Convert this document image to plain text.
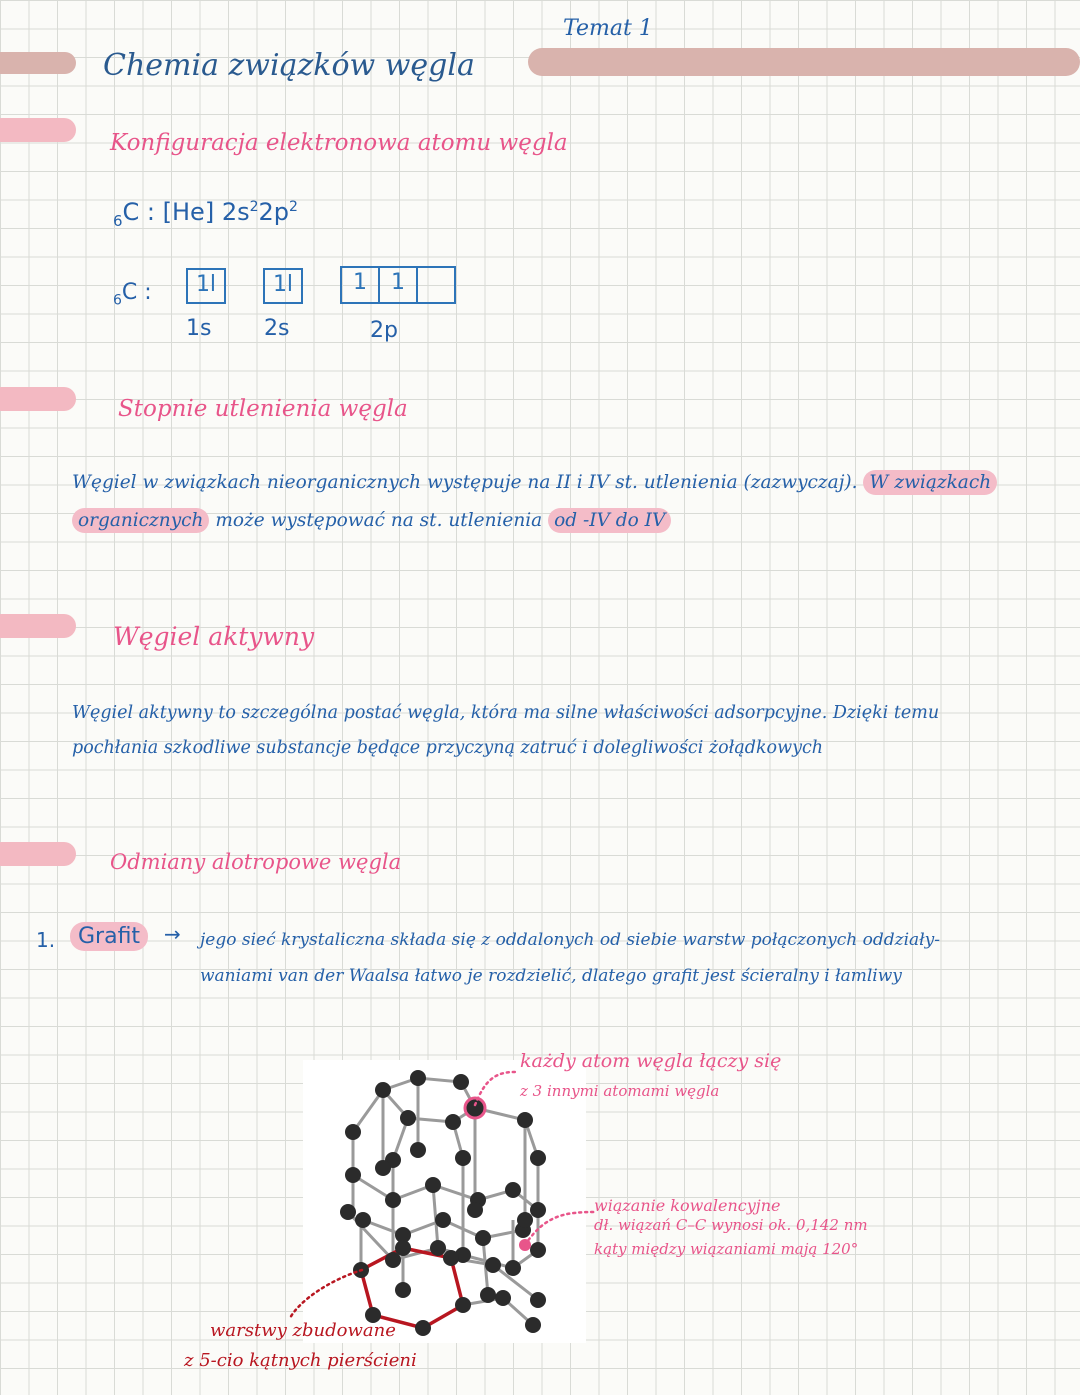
Temat 1
Chemia związków węgla
Konfiguracja elektronowa atomu węgla
$_6$C : [He] $2s^22p^2$
$_6$C :	1l	1l	1	1
1s 2s	2p
Stopnie utlenienia węgla
Węgiel w związkach nieorganicznych występuje na II i IV st. utlenienia (zazwyczaj). W związkach
organicznych może występować na st. utlenienia od -IV do IV
Węgiel aktywny
Węgiel aktywny to szczególna postać węgla, która ma silne właściwości adsorpcyjne. Dzięki temu
pochłania szkodliwe substancje będące przyczyną zatruć i dolegliwości żołądkowych
Odmiany alotropowe węgla
1.	Grafit	→ jego sieć krystaliczna składa się z oddalonych od siebie warstw połączonych oddziały-
waniami van der Waalsa łatwo je rozdzielić, dlatego grafit jest ścieralny i łamliwy
każdy atom węgla łączy się
z 3 innymi atomami węgla
wiązanie kowalencyjne
dł. wiązań C–C wynosi ok. 0,142 nm
kąty między wiązaniami mają 120°
warstwy zbudowane
z 5-cio kątnych pierścieni
